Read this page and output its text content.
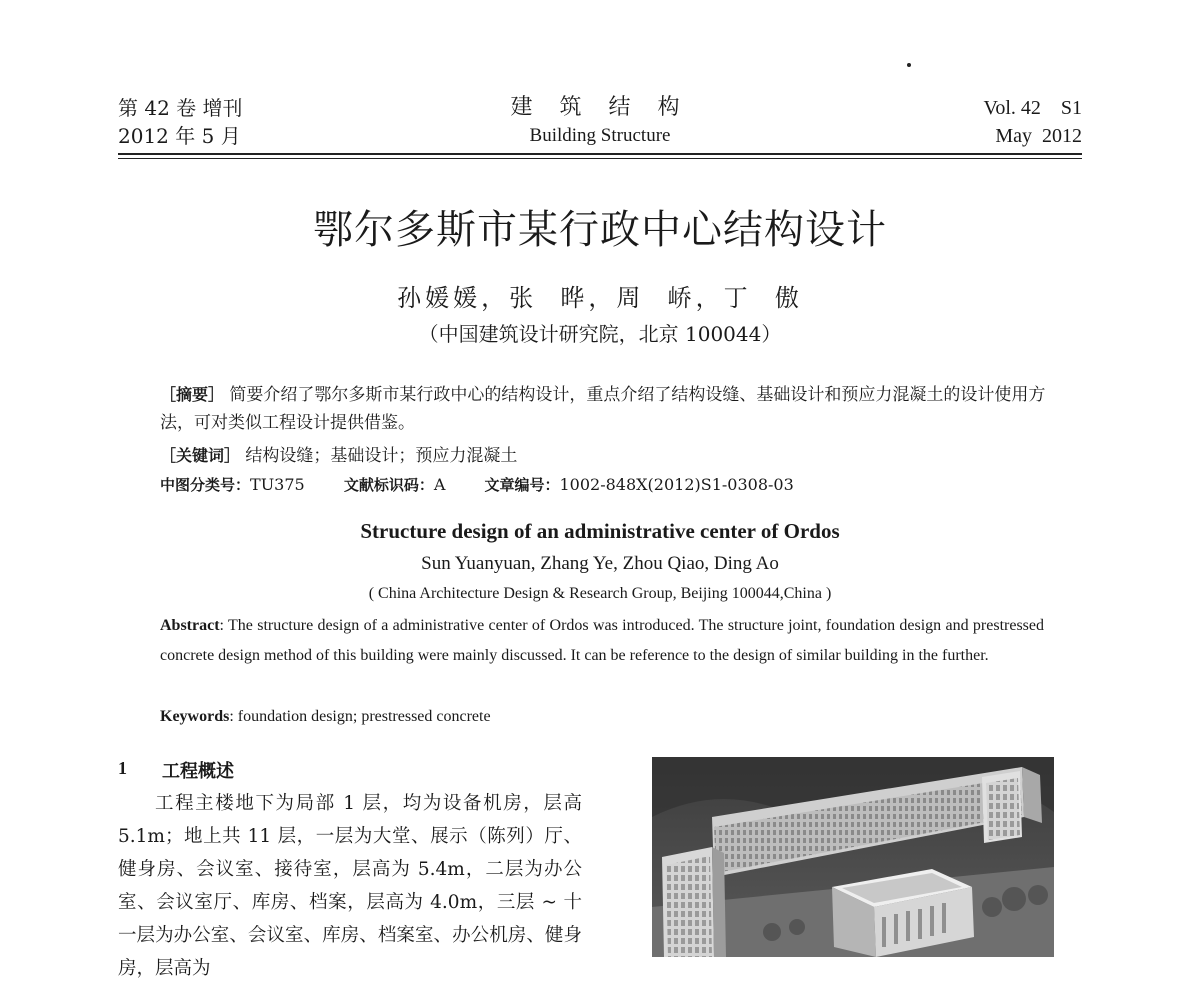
第 42 卷 增刊
2012 年 5 月
建 筑 结 构
Building Structure
Vol. 42    S1
May  2012
鄂尔多斯市某行政中心结构设计
孙媛媛，张  晔，周  峤，丁  傲
（中国建筑设计研究院，北京 100044）
［摘要］ 简要介绍了鄂尔多斯市某行政中心的结构设计，重点介绍了结构设缝、基础设计和预应力混凝土的设计使用方法，可对类似工程设计提供借鉴。
［关键词］ 结构设缝；基础设计；预应力混凝土
中图分类号：TU375	文献标识码：A	文章编号：1002-848X(2012)S1-0308-03
Structure design of an administrative center of Ordos
Sun Yuanyuan, Zhang Ye, Zhou Qiao, Ding Ao
( China Architecture Design & Research Group, Beijing 100044,China )
Abstract: The structure design of a administrative center of Ordos was introduced. The structure joint, foundation design and prestressed concrete design method of this building were mainly discussed. It can be reference to the design of similar building in the further.
Keywords: foundation design; prestressed concrete
1 工程概述
工程主楼地下为局部 1 层，均为设备机房，层高 5.1m；地上共 11 层，一层为大堂、展示（陈列）厅、健身房、会议室、接待室，层高为 5.4m，二层为办公室、会议室厅、库房、档案，层高为 4.0m，三层 ~ 十一层为办公室、会议室、库房、档案室、办公机房、健身房，层高为
